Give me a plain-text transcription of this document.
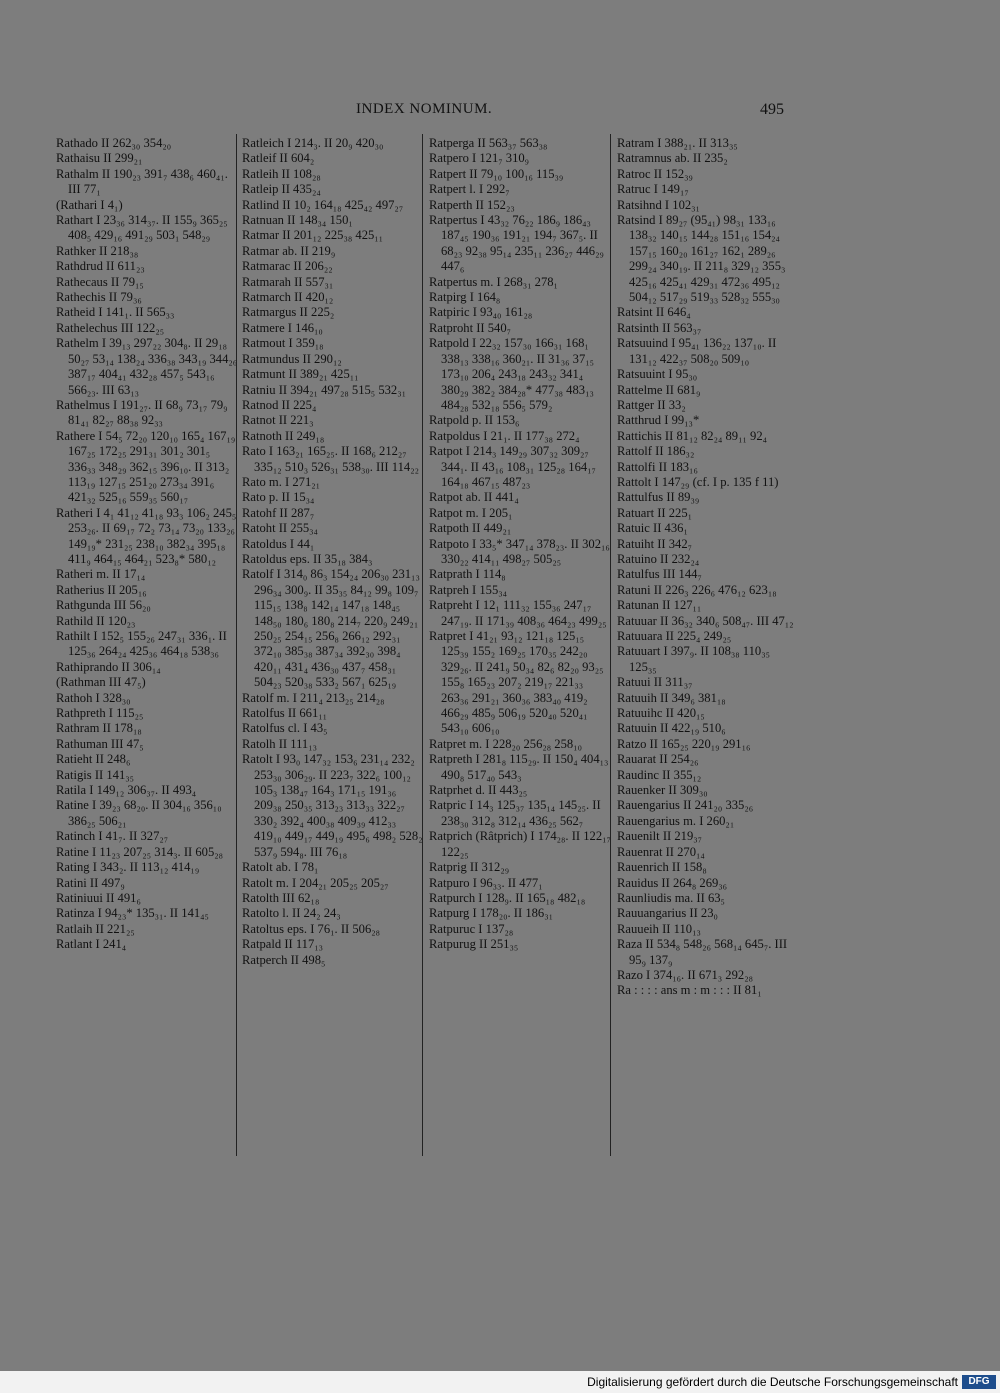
INDEX NOMINUM.	495
Rathado II 262₃₀ 354₂₀
Rathaisu II 299₂₁
Rathalm II 190₂₃ 391₇ 438₆ 460₄₁. III 77₁
(Rathari I 4₁)
Rathart I 23₃₆ 314₃₇. II 155₉ 365₂₅ 408₅ 429₁₆ 491₂₉ 503₁ 548₂₉
Rathker II 218₃₈
Rathdrud II 611₂₃
Rathecaus II 79₁₅
Rathechis II 79₃₆
Ratheid I 141₁. II 565₃₃
Rathelechus III 122₂₅
Rathelm I 39₁₃ 297₂₂ 304₈. II 29₁₈ 50₂₇ 53₁₄ 138₂₄ 336₃₈ 343₁₉ 344₂₆ 387₁₇ 404₄₁ 432₂₈ 457₅ 543₁₆ 566₂₃. III 63₁₃
Rathelmus I 191₂₇. II 68₉ 73₁₇ 79₉ 81₄₁ 82₂₇ 88₃₈ 92₃₃
Rathere I 54₅ 72₂₀ 120₁₀ 165₄ 167₁₉ 167₂₅ 172₂₅ 291₃₁ 301₂ 301₅ 336₃₃ 348₂₉ 362₁₅ 396₁₀. II 313₂ 113₁₉ 127₁₅ 251₂₀ 273₃₄ 391₆ 421₃₂ 525₁₆ 559₃₅ 560₁₇
Ratheri I 4₁ 41₁₂ 41₁₈ 93₃ 106₂ 245₅ 253₂₆. II 69₁₇ 72₂ 73₁₄ 73₂₀ 133₂₆ 149₁₉* 231₂₅ 238₁₀ 382₃₄ 395₁₈ 411₉ 464₁₅ 464₂₁ 523₈* 580₁₂
Ratheri m. II 17₁₄
Ratherius II 205₁₆
Rathgunda III 56₂₀
Rathild II 120₂₃
Rathilt I 152₅ 155₂₆ 247₃₁ 336₁. II 125₃₆ 264₂₄ 425₃₆ 464₁₈ 538₃₆
Rathiprando II 306₁₄
(Rathman III 47₅)
Rathoh I 328₃₀
Rathpreth I 115₂₅
Rathram II 178₁₈
Rathuman III 47₅
Ratieht II 248₆
Ratigis II 141₃₅
Ratila I 149₁₂ 306₃₇. II 493₄
Ratine I 39₂₃ 68₂₀. II 304₁₆ 356₁₀ 386₂₅ 506₂₁
Ratinch I 41₇. II 327₂₇
Ratine I 11₂₃ 207₂₅ 314₃. II 605₂₈
Rating I 343₂. II 113₁₂ 414₁₉
Ratini II 497₉
Ratiniuui II 491₆
Ratinza I 94₂₃* 135₃₁. II 141₄₅
Ratlaih II 221₂₅
Ratlant I 241₄
Ratleich I 214₃. II 20₉ 420₃₀
Ratleif II 604₂
Ratleih II 108₂₈
Ratleip II 435₂₄
Ratlind II 10₂ 164₁₈ 425₄₂ 497₂₇
Ratnuan II 148₃₄ 150₁
Ratmar II 201₁₂ 225₃₈ 425₁₁
Ratmar ab. II 219₉
Ratmarac II 206₂₂
Ratmarah II 557₃₁
Ratmarch II 420₁₂
Ratmargus II 225₂
Ratmere I 146₁₀
Ratmout I 359₁₈
Ratmundus II 290₁₂
Ratmunt II 389₂₁ 425₁₁
Ratniu II 394₂₁ 497₂₈ 515₅ 532₃₁
Ratnod II 225₄
Ratnot II 221₃
Ratnoth II 249₁₈
Rato I 163₂₁ 165₂₅. II 168₆ 212₂₇ 335₁₂ 510₃ 526₃₁ 538₃₀. III 114₂₂
Rato m. I 271₂₁
Rato p. II 15₃₄
Ratohf II 287₇
Ratoht II 255₃₄
Ratoldus I 44₁
Ratoldus eps. II 35₁₈ 384₃
Ratolf I 314₀ 86₃ 154₂₄ 206₃₀ 231₁₃ 296₃₄ 300₉. II 35₃₅ 84₁₂ 99₈ 109₇ 115₁₅ 138₈ 142₁₄ 147₁₈ 148₄₅ 148₅₀ 180₆ 180₈ 214₇ 220₉ 249₂₁ 250₂₅ 254₁₅ 256₈ 266₁₂ 292₃₁ 372₁₀ 385₃₈ 387₃₄ 392₃₀ 398₄ 420₁₁ 431₄ 436₃₀ 437₇ 458₃₁ 504₂₃ 520₃₈ 533₂ 567₁ 625₁₉
Ratolf m. I 211₄ 213₂₅ 214₂₈
Ratolfus II 661₁₁
Ratolfus cl. I 43₅
Ratolh II 111₁₃
Ratolt I 93₀ 147₃₂ 153₆ 231₁₄ 232₂ 253₃₀ 306₂₉. II 223₇ 322₆ 100₁₂ 105₃ 138₄₇ 164₃ 171₁₅ 191₃₆ 209₃₈ 250₃₅ 313₂₃ 313₃₃ 322₂₇ 330₂ 392₄ 400₃₈ 409₃₉ 412₃₃ 419₁₀ 449₁₇ 449₁₉ 495₆ 498₂ 528₂ 537₉ 594₈. III 76₁₈
Ratolt ab. I 78₁
Ratolt m. I 204₂₁ 205₂₅ 205₂₇
Ratolth III 62₁₈
Ratolto l. II 24₂ 24₃
Ratoltus eps. I 76₁. II 506₂₈
Ratpald II 117₁₃
Ratperch II 498₅
Ratperga II 563₃₇ 563₃₈
Ratpero I 121₇ 310₉
Ratpert II 79₁₀ 100₁₆ 115₃₉
Ratpert l. I 292₇
Ratperth II 152₂₃
Ratpertus I 43₃₂ 76₂₂ 186₉ 186₄₃ 187₄₅ 190₃₆ 191₂₁ 194₇ 367₅. II 68₂₃ 92₃₈ 95₁₄ 235₁₁ 236₂₇ 446₂₉ 447₆
Ratpertus m. I 268₃₁ 278₁
Ratpirg I 164₈
Ratpiric I 93₄₀ 161₂₈
Ratproht II 540₇
Ratpold I 22₃₂ 157₃₀ 166₃₁ 168₁ 338₁₃ 338₁₆ 360₂₁. II 31₃₆ 37₁₅ 173₁₀ 206₄ 243₁₈ 243₃₂ 341₄ 380₂₉ 382₂ 384₂₈* 477₃₈ 483₁₃ 484₂₈ 532₁₈ 556₅ 579₂
Ratpold p. II 153₆
Ratpoldus I 21₁. II 177₃₈ 272₄
Ratpot I 214₃ 149₂₉ 307₃₂ 309₂₇ 344₁. II 43₁₆ 108₃₁ 125₂₈ 164₁₇ 164₁₈ 467₁₅ 487₂₃
Ratpot ab. II 441₄
Ratpot m. I 205₁
Ratpoth II 449₂₁
Ratpoto I 33₅* 347₁₄ 378₂₃. II 302₁₆ 330₂₂ 414₁₁ 498₂₇ 505₂₅
Ratprath I 114₈
Ratpreh I 155₃₄
Ratpreht I 12₁ 111₃₂ 155₃₆ 247₁₇ 247₁₉. II 171₃₉ 408₃₆ 464₂₃ 499₂₅
Ratpret I 41₂₁ 93₁₂ 121₁₈ 125₁₅ 125₃₉ 155₂ 169₂₅ 170₃₅ 242₂₀ 329₂₆. II 241₉ 50₃₄ 82₆ 82₂₀ 93₂₅ 155₈ 165₂₃ 207₂ 219₁₇ 221₃₃ 263₃₆ 291₂₁ 360₃₆ 383₄₀ 419₂ 466₂₉ 485₉ 506₁₉ 520₄₀ 520₄₁ 543₁₀ 606₁₀
Ratpret m. I 228₂₀ 256₂₈ 258₁₀
Ratpreth I 281₈ 115₂₉. II 150₄ 404₁₃ 490₈ 517₄₀ 543₃
Ratprhet d. II 443₂₅
Ratpric I 14₃ 125₃₇ 135₁₄ 145₂₅. II 238₃₀ 312₈ 312₁₄ 436₂₅ 562₇
Ratprich (Râtprich) I 174₂₈. II 122₁₇ 122₂₅
Ratprig II 312₂₉
Ratpuro I 96₃₃. II 477₁
Ratpurch I 128₉. II 165₁₈ 482₁₈
Ratpurg I 178₂₀. II 186₃₁
Ratpuruc I 137₂₈
Ratpurug II 251₃₅
Ratram I 388₂₁. II 313₃₅
Ratramnus ab. II 235₂
Ratroc II 152₃₉
Ratruc I 149₁₇
Ratsihnd I 102₃₁
Ratsind I 89₂₇ (95₄₁) 98₃₁ 133₁₆ 138₃₂ 140₁₅ 144₂₈ 151₁₆ 154₂₄ 157₁₅ 160₂₀ 161₂₇ 162₁ 289₂₆ 299₂₄ 340₁₉. II 211₈ 329₁₂ 355₃ 425₁₆ 425₄₁ 429₃₁ 472₃₆ 495₁₂ 504₁₂ 517₂₉ 519₃₃ 528₃₂ 555₃₀
Ratsint II 646₄
Ratsinth II 563₃₇
Ratsuuind I 95₄₁ 136₂₂ 137₁₀. II 131₁₂ 422₃₇ 508₂₀ 509₁₀
Ratsuuint I 95₃₀
Rattelme II 681₉
Rattger II 33₂
Ratthrud I 99₁₃*
Rattichis II 81₁₂ 82₂₄ 89₁₁ 92₄
Rattolf II 186₃₂
Rattolfi II 183₁₆
Rattolt I 147₂₉ (cf. I p. 135 f 11)
Rattulfus II 89₃₉
Ratuart II 225₁
Ratuic II 436₁
Ratuiht II 342₇
Ratuino II 232₂₄
Ratulfus III 144₇
Ratuni II 226₃ 226₆ 476₁₂ 623₁₈
Ratunan II 127₁₁
Ratuuar II 36₃₂ 340₆ 508₄₇. III 47₁₂
Ratuuara II 225₄ 249₂₅
Ratuuart I 397₉. II 108₃₈ 110₃₅ 125₃₅
Ratuui II 311₃₇
Ratuuih II 349₆ 381₁₈
Ratuuihc II 420₁₅
Ratuuin II 422₁₉ 510₆
Ratzo II 165₂₅ 220₁₉ 291₁₆
Rauarat II 254₂₆
Raudinc II 355₁₂
Rauenker II 309₃₀
Rauengarius II 241₂₀ 335₂₆
Rauengarius m. I 260₂₁
Rauenilt II 219₃₇
Rauenrat II 270₁₄
Rauenrich II 158₈
Rauidus II 264₈ 269₃₆
Raunliudis ma. II 63₅
Rauuangarius II 23₀
Rauueih II 110₁₃
Raza II 534₈ 548₂₆ 568₁₄ 645₇. III 95₉ 137₉
Razo I 374₁₆. II 671₃ 292₂₈
Ra : : : : ans m : m : : : II 81₁
Digitalisierung gefördert durch die Deutsche Forschungsgemeinschaft	DFG
